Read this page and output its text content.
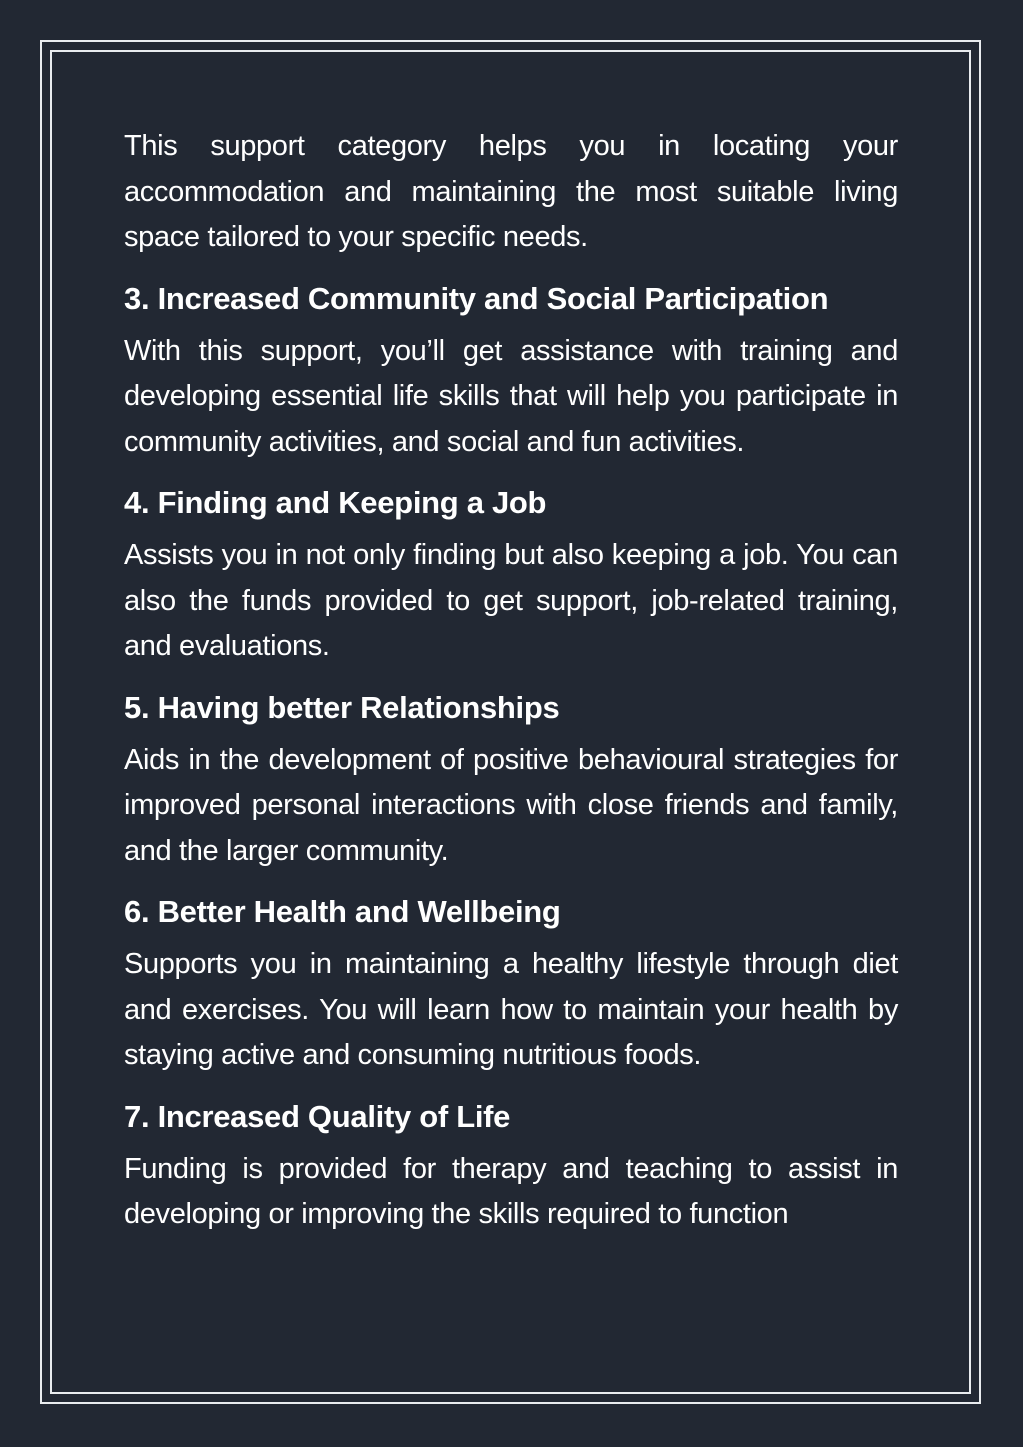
This support category helps you in locating your accommodation and maintaining the most suitable living space tailored to your specific needs.

3. Increased Community and Social Participation

With this support, you’ll get assistance with training and developing essential life skills that will help you participate in community activities, and social and fun activities.

4. Finding and Keeping a Job

Assists you in not only finding but also keeping a job. You can also the funds provided to get support, job-related training, and evaluations.

5. Having better Relationships

Aids in the development of positive behavioural strategies for improved personal interactions with close friends and family, and the larger community.

6. Better Health and Wellbeing

Supports you in maintaining a healthy lifestyle through diet and exercises. You will learn how to maintain your health by staying active and consuming nutritious foods.

7. Increased Quality of Life

Funding is provided for therapy and teaching to assist in developing or improving the skills required to function
